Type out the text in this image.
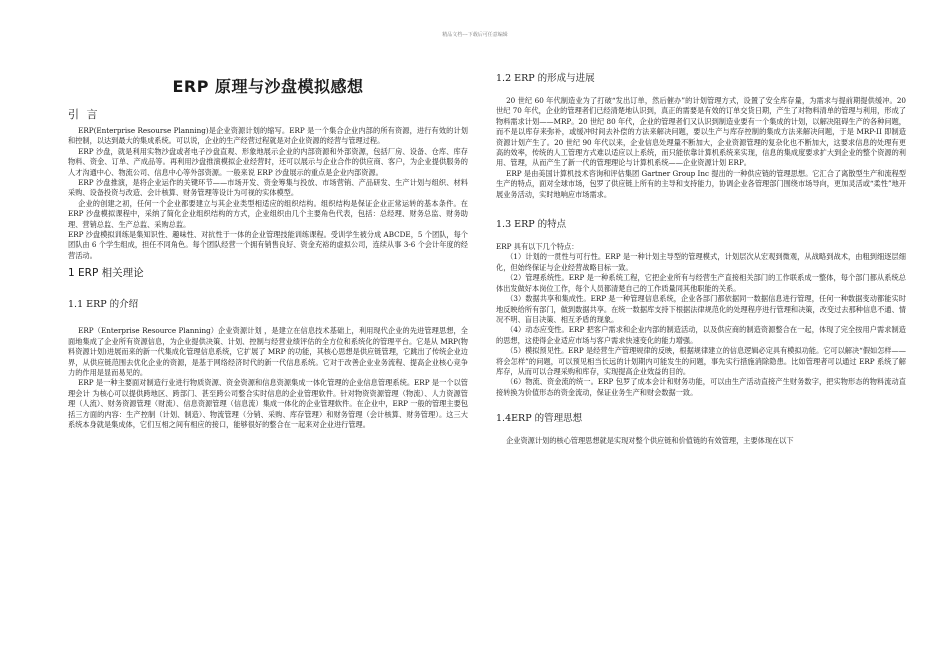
精品文档---下载后可任意编辑
ERP 原理与沙盘模拟感想
引 言

ERP(Enterprise Resourse Planning)是企业资源计划的缩写。ERP 是一个集合企业内部的所有资源，进行有效的计划和控制，以达到最大的集成系统。可以说，企业的生产经营过程就是对企业资源的经营与管理过程。

ERP 沙盘，就是利用实物沙盘或者电子沙盘直观、形象地展示企业的内部资源和外部资源，包括厂房、设备、仓库、库存物料、资金、订单、产成品等。再利用沙盘推演模拟企业经营时，还可以展示与企业合作的供应商、客户，为企业提供服务的人才沟通中心、物流公司、信息中心等外部资源。一般来说 ERP 沙盘展示的重点是企业内部资源。

ERP 沙盘推演，是将企业运作的关键环节——市场开发、资金筹集与投放、市场营销、产品研发、生产计划与组织、材料采购、设备投资与改造、会计核算、财务管理等设计为可视的实体模型。

企业的创建之初，任何一个企业都要建立与其企业类型相适应的组织结构。组织结构是保证企业正常运转的基本条件。在 ERP 沙盘模拟课程中，采纳了简化企业组织结构的方式，企业组织由几个主要角色代表，包括：总经理、财务总监、财务助理、营销总监、生产总监、采购总监。

ERP 沙盘模拟训练是集知识性、趣味性、对抗性于一体的企业管理技能训练课程。受训学生被分成 ABCDE，5 个团队，每个团队由 6 个学生组成，担任不同角色。每个团队经营一个拥有销售良好、资金充裕的虚拟公司，连续从事 3-6 个会计年度的经营活动。

1 ERP 相关理论
1.1 ERP 的介绍

ERP（Enterprise Resource Planning）企业资源计划 ，是建立在信息技术基础上，利用现代企业的先进管理思想，全面地集成了企业所有资源信息，为企业提供决策、计划、控制与经营业绩评估的全方位和系统化的管理平台。它是从 MRP(物料资源计划)进展而来的新一代集成化管理信息系统，它扩展了 MRP 的功能，其核心思想是供应链管理，它跳出了传统企业边界，从供应链范围去优化企业的资源，是基于网络经济时代的新一代信息系统。它对于改善企业业务流程、提高企业核心竞争力的作用是显而易见的。

ERP 是一种主要面对制造行业进行物质资源、资金资源和信息资源集成一体化管理的企业信息管理系统。ERP 是一个以管理会计 为核心可以提供跨地区、跨部门、甚至跨公司整合实时信息的企业管理软件。针对物资资源管理（物流）、人力资源管理（人流）、财务资源管理（财流）、信息资源管理（信息流）集成一体化的企业管理软件。在企业中，ERP 一般的管理主要包括三方面的内容：生产控制（计划、制造）、物流管理（分销、采购、库存管理）和财务管理（会计核算、财务管理）。这三大系统本身就是集成体，它们互相之间有相应的接口，能够很好的整合在一起来对企业进行管理。

1.2 ERP 的形成与进展

20 世纪 60 年代制造业为了打破“发出订单，然后催办”的计划管理方式，设置了安全库存量，为需求与提前期提供缓冲。20 世纪 70 年代，企业的管理者们已经清楚地认识到，真正的需要是有效的订单交货日期，产生了对物料清单的管理与利用，形成了物料需求计划——MRP。20 世纪 80 年代，企业的管理者们又认识到制造业要有一个集成的计划，以解决阻碍生产的各种问题，而不是以库存来弥补，或缓冲时间去补偿的方法来解决问题，要以生产与库存控制的集成方法来解决问题，于是 MRP-II 即制造资源计划产生了。20 世纪 90 年代以来，企业信息处理量不断加大，企业资源管理的复杂化也不断加大，这要求信息的处理有更高的效率，传统的人工管理方式难以适应以上系统，而只能依靠计算机系统来实现，信息的集成度要求扩大到企业的整个资源的利用、管理，从而产生了新一代的管理理论与计算机系统——企业资源计划 ERP。

ERP 是由美国计算机技术咨询和评估集团 Gartner Group Inc 提出的一种供应链的管理思想。它汇合了离散型生产和流程型生产的特点，面对全球市场，包罗了供应链上所有的主导和支持能力，协调企业各管理部门围绕市场导向，更加灵活或“柔性”地开展业务活动，实时地响应市场需求。

1.3 ERP 的特点

ERP 具有以下几个特点：

（1）计划的一贯性与可行性。ERP 是一种计划主导型的管理模式，计划层次从宏观到微观，从战略到战术，由粗到细逐层细化，但始终保证与企业经营战略目标一致。

（2）管理系统性。ERP 是一种系统工程，它把企业所有与经营生产直接相关部门的工作联系成一整体，每个部门都从系统总体出发做好本岗位工作，每个人员都清楚自己的工作质量同其他职能的关系。

（3）数据共享和集成性。ERP 是一种管理信息系统，企业各部门都依据同一数据信息进行管理，任何一种数据变动都能实时地反映给所有部门，做到数据共享。在统一数据库支持下根据法律规范化的处理程序进行管理和决策，改变过去那种信息不通、情况不明、盲目决策、相互矛盾的现象。

（4）动态应变性。ERP 把客户需求和企业内部的制造活动，以及供应商的制造资源整合在一起，体现了完全按用户需求制造的思想，这使得企业适应市场与客户需求快速变化的能力增强。

（5）模拟预见性。ERP 是经营生产管理规律的反映，根据规律建立的信息逻辑必定具有模拟功能。它可以解决“假如怎样——将会怎样”的问题，可以预见相当长远的计划期内可能发生的问题，事先实行措施消除隐患。比如管理者可以通过 ERP 系统了解库存，从而可以合理采购和库存，实现提高企业效益的目的。

（6）物流、资金流的统一。ERP 包罗了成本会计和财务功能，可以由生产活动直接产生财务数字，把实物形态的物料流动直接转换为价值形态的资金流动，保证业务生产和财会数据一致。

1.4ERP 的管理思想

企业资源计划的核心管理思想就是实现对整个供应链和价值链的有效管理，主要体现在以下
